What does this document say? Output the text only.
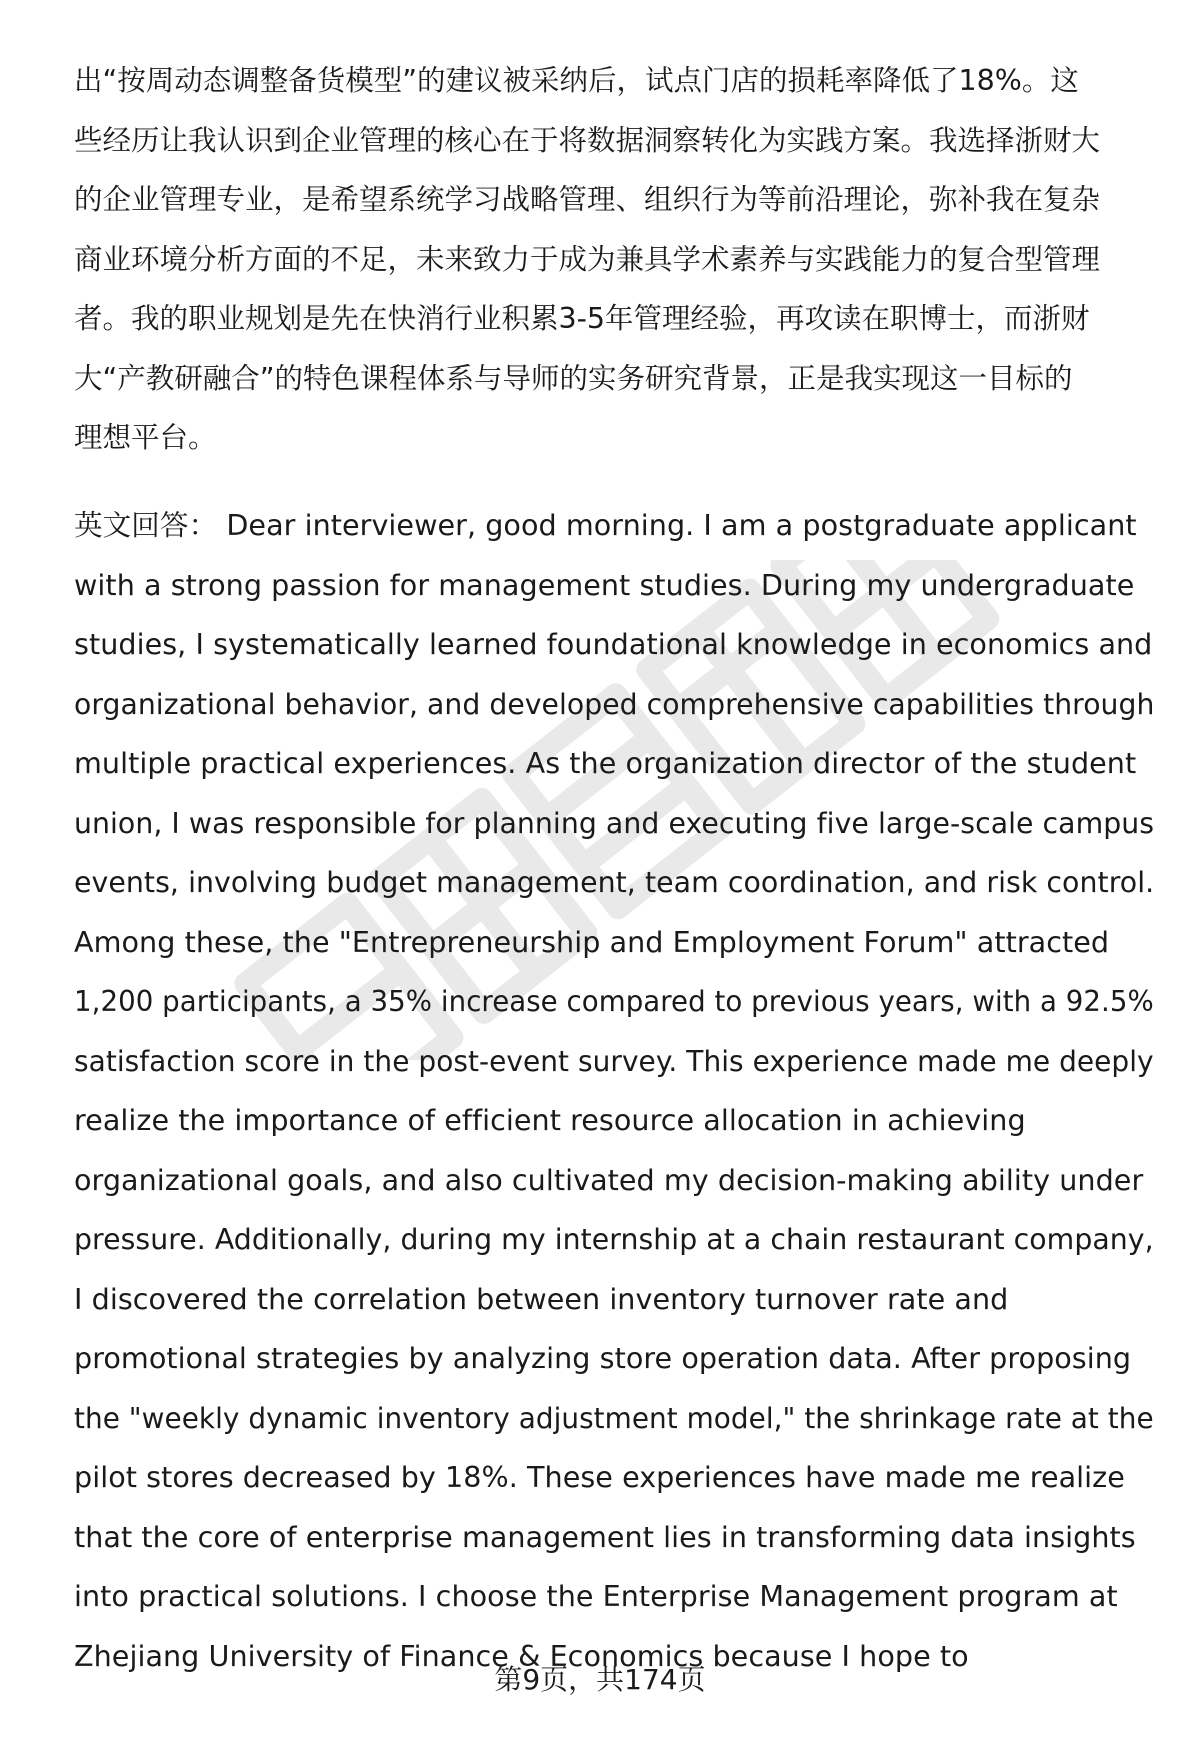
出“按周动态调整备货模型”的建议被采纳后，试点门店的损耗率降低了18%。这
些经历让我认识到企业管理的核心在于将数据洞察转化为实践方案。我选择浙财大
的企业管理专业，是希望系统学习战略管理、组织行为等前沿理论，弥补我在复杂
商业环境分析方面的不足，未来致力于成为兼具学术素养与实践能力的复合型管理
者。我的职业规划是先在快消行业积累3-5年管理经验，再攻读在职博士，而浙财
大“产教研融合”的特色课程体系与导师的实务研究背景，正是我实现这一目标的
理想平台。
英文回答： Dear interviewer, good morning. I am a postgraduate applicant
with a strong passion for management studies. During my undergraduate
studies, I systematically learned foundational knowledge in economics and
organizational behavior, and developed comprehensive capabilities through
multiple practical experiences. As the organization director of the student
union, I was responsible for planning and executing five large-scale campus
events, involving budget management, team coordination, and risk control.
Among these, the "Entrepreneurship and Employment Forum" attracted
1,200 participants, a 35% increase compared to previous years, with a 92.5%
satisfaction score in the post-event survey. This experience made me deeply
realize the importance of efficient resource allocation in achieving
organizational goals, and also cultivated my decision-making ability under
pressure. Additionally, during my internship at a chain restaurant company,
I discovered the correlation between inventory turnover rate and
promotional strategies by analyzing store operation data. After proposing
the "weekly dynamic inventory adjustment model," the shrinkage rate at the
pilot stores decreased by 18%. These experiences have made me realize
that the core of enterprise management lies in transforming data insights
into practical solutions. I choose the Enterprise Management program at
Zhejiang University of Finance & Economics because I hope to
第9页，共174页
